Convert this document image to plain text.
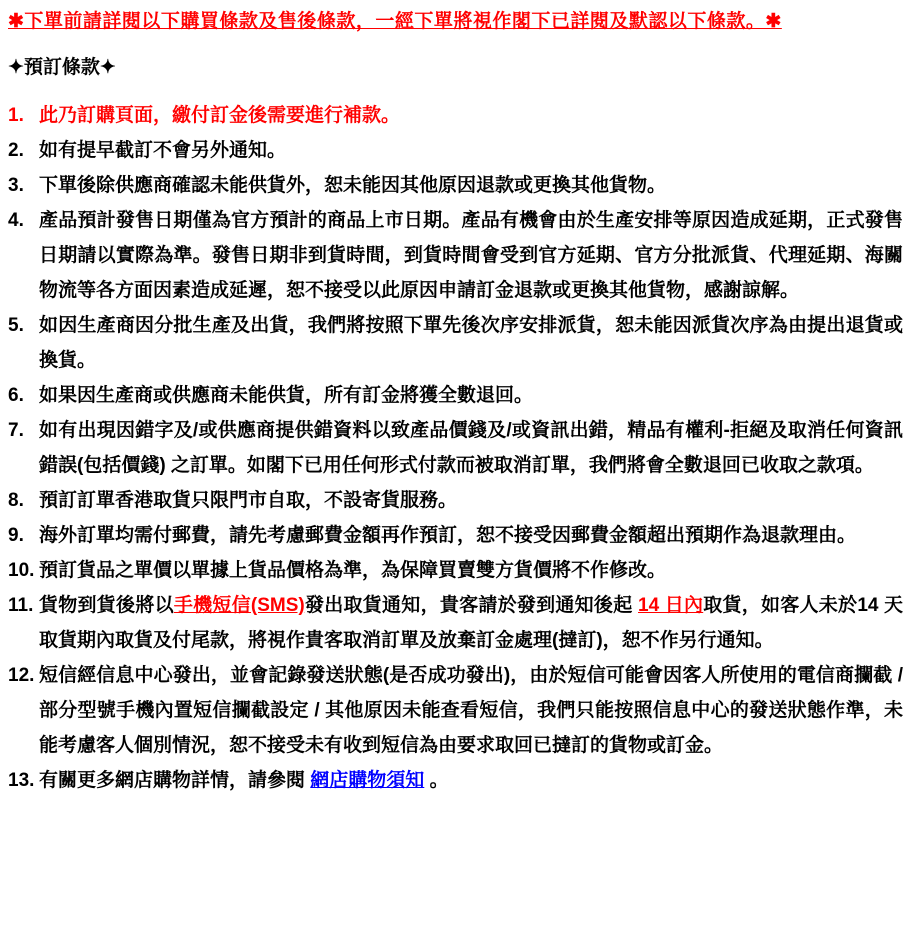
✱下單前請詳閱以下購買條款及售後條款，一經下單將視作閣下已詳閱及默認以下條款。✱
✦預訂條款✦
1. 此乃訂購頁面，繳付訂金後需要進行補款。
2. 如有提早截訂不會另外通知。
3. 下單後除供應商確認未能供貨外，恕未能因其他原因退款或更換其他貨物。
4. 產品預計發售日期僅為官方預計的商品上市日期。產品有機會由於生產安排等原因造成延期，正式發售日期請以實際為準。發售日期非到貨時間，到貨時間會受到官方延期、官方分批派貨、代理延期、海關物流等各方面因素造成延遲，恕不接受以此原因申請訂金退款或更換其他貨物，感謝諒解。
5. 如因生產商因分批生產及出貨，我們將按照下單先後次序安排派貨，恕未能因派貨次序為由提出退貨或換貨。
6. 如果因生產商或供應商未能供貨，所有訂金將獲全數退回。
7. 如有出現因錯字及/或供應商提供錯資料以致產品價錢及/或資訊出錯，精品有權利-拒絕及取消任何資訊錯誤(包括價錢) 之訂單。如閣下已用任何形式付款而被取消訂單，我們將會全數退回已收取之款項。
8. 預訂訂單香港取貨只限門市自取，不設寄貨服務。
9. 海外訂單均需付郵費，請先考慮郵費金額再作預訂，恕不接受因郵費金額超出預期作為退款理由。
10. 預訂貨品之單價以單據上貨品價格為準，為保障買賣雙方貨價將不作修改。
11. 貨物到貨後將以手機短信(SMS)發出取貨通知，貴客請於發到通知後起 14 日內取貨，如客人未於14 天取貨期內取貨及付尾款，將視作貴客取消訂單及放棄訂金處理(撻訂)，恕不作另行通知。
12. 短信經信息中心發出，並會記錄發送狀態(是否成功發出)，由於短信可能會因客人所使用的電信商攔截 / 部分型號手機內置短信攔截設定 / 其他原因未能查看短信，我們只能按照信息中心的發送狀態作準，未能考慮客人個別情況，恕不接受未有收到短信為由要求取回已撻訂的貨物或訂金。
13. 有關更多網店購物詳情，請參閱 網店購物須知 。
